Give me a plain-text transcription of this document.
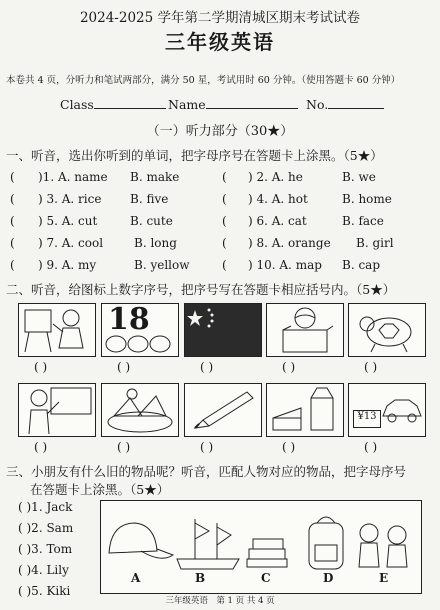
2024-2025 学年第二学期清城区期末考试试卷
三年级英语
本卷共 4 页，分听力和笔试两部分，满分 50 星，考试用时 60 分钟。（使用答题卡 60 分钟）
Class	Name	No.
（一）听力部分（30★）
一、听音，选出你听到的单词，把字母序号在答题卡上涂黑。（5★）
( )1. A. name B. make	( ) 2. A. he	B. we
( ) 3. A. rice B. five	( ) 4. A. hot	B. home
( ) 5. A. cut	B. cute	( ) 6. A. cat	B. face
( ) 7. A. cool	B. long	( ) 8. A. orange B. girl
( ) 9. A. my	B. yellow	( ) 10. A. map B. cap
二、听音，给图标上数字序号，把序号写在答题卡相应括号内。（5★）
18
( )	( )	( )	( )	( )
¥13
( )	( )	( )	( )	( )
三、小朋友有什么旧的物品呢？听音，匹配人物对应的物品，把字母序号
在答题卡上涂黑。（5★）
( )1. Jack
( )2. Sam
( )3. Tom
( )4. Lily
( )5. Kiki
A	B	C	D	E
三年级英语　第 1 页 共 4 页
